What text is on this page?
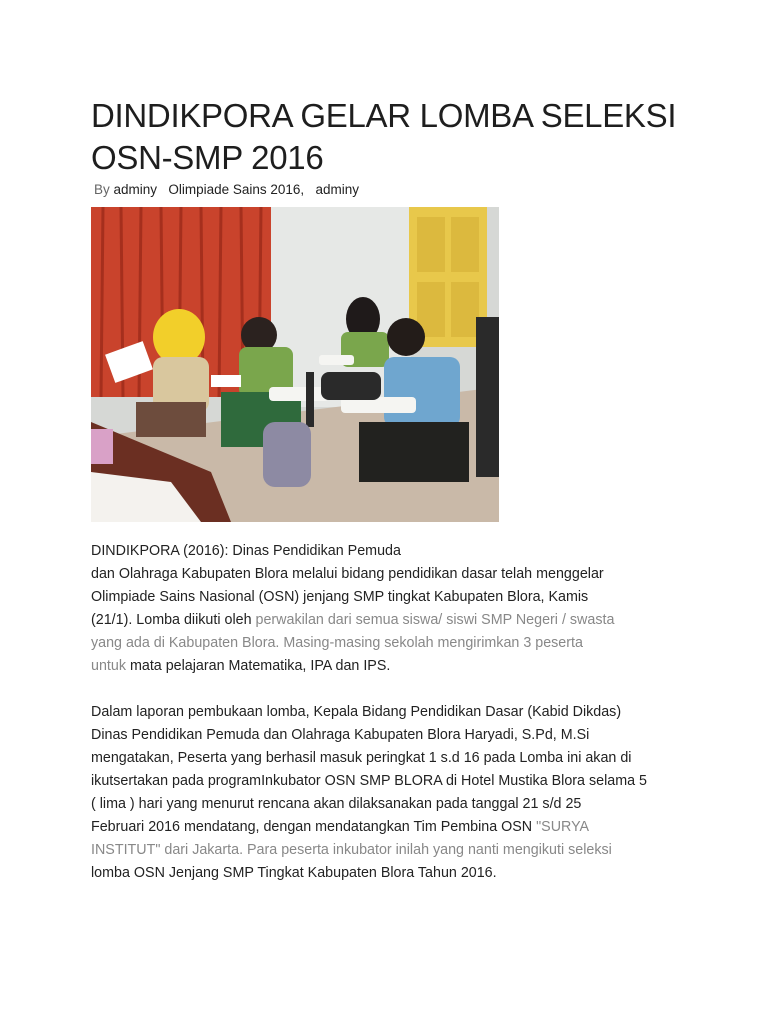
DINDIKPORA GELAR LOMBA SELEKSI OSN-SMP 2016
By adminy Olimpiade Sains 2016, adminy

DINDIKPORA (2016): Dinas Pendidikan Pemuda
dan Olahraga Kabupaten Blora melalui bidang pendidikan dasar telah menggelar
Olimpiade Sains Nasional (OSN) jenjang SMP tingkat Kabupaten Blora, Kamis
(21/1). Lomba diikuti oleh perwakilan dari semua siswa/ siswi SMP Negeri / swasta
yang ada di Kabupaten Blora. Masing-masing sekolah mengirimkan 3 peserta
untuk mata pelajaran Matematika, IPA dan IPS.

Dalam laporan pembukaan lomba, Kepala Bidang Pendidikan Dasar (Kabid Dikdas)
Dinas Pendidikan Pemuda dan Olahraga Kabupaten Blora Haryadi, S.Pd, M.Si
mengatakan, Peserta yang berhasil masuk peringkat 1 s.d 16 pada Lomba ini akan di
ikutsertakan pada programInkubator OSN SMP BLORA di Hotel Mustika Blora selama 5
( lima ) hari yang menurut rencana akan dilaksanakan pada tanggal 21 s/d 25
Februari 2016 mendatang, dengan mendatangkan Tim Pembina OSN "SURYA
INSTITUT" dari Jakarta. Para peserta inkubator inilah yang nanti mengikuti seleksi
lomba OSN Jenjang SMP Tingkat Kabupaten Blora Tahun 2016.
